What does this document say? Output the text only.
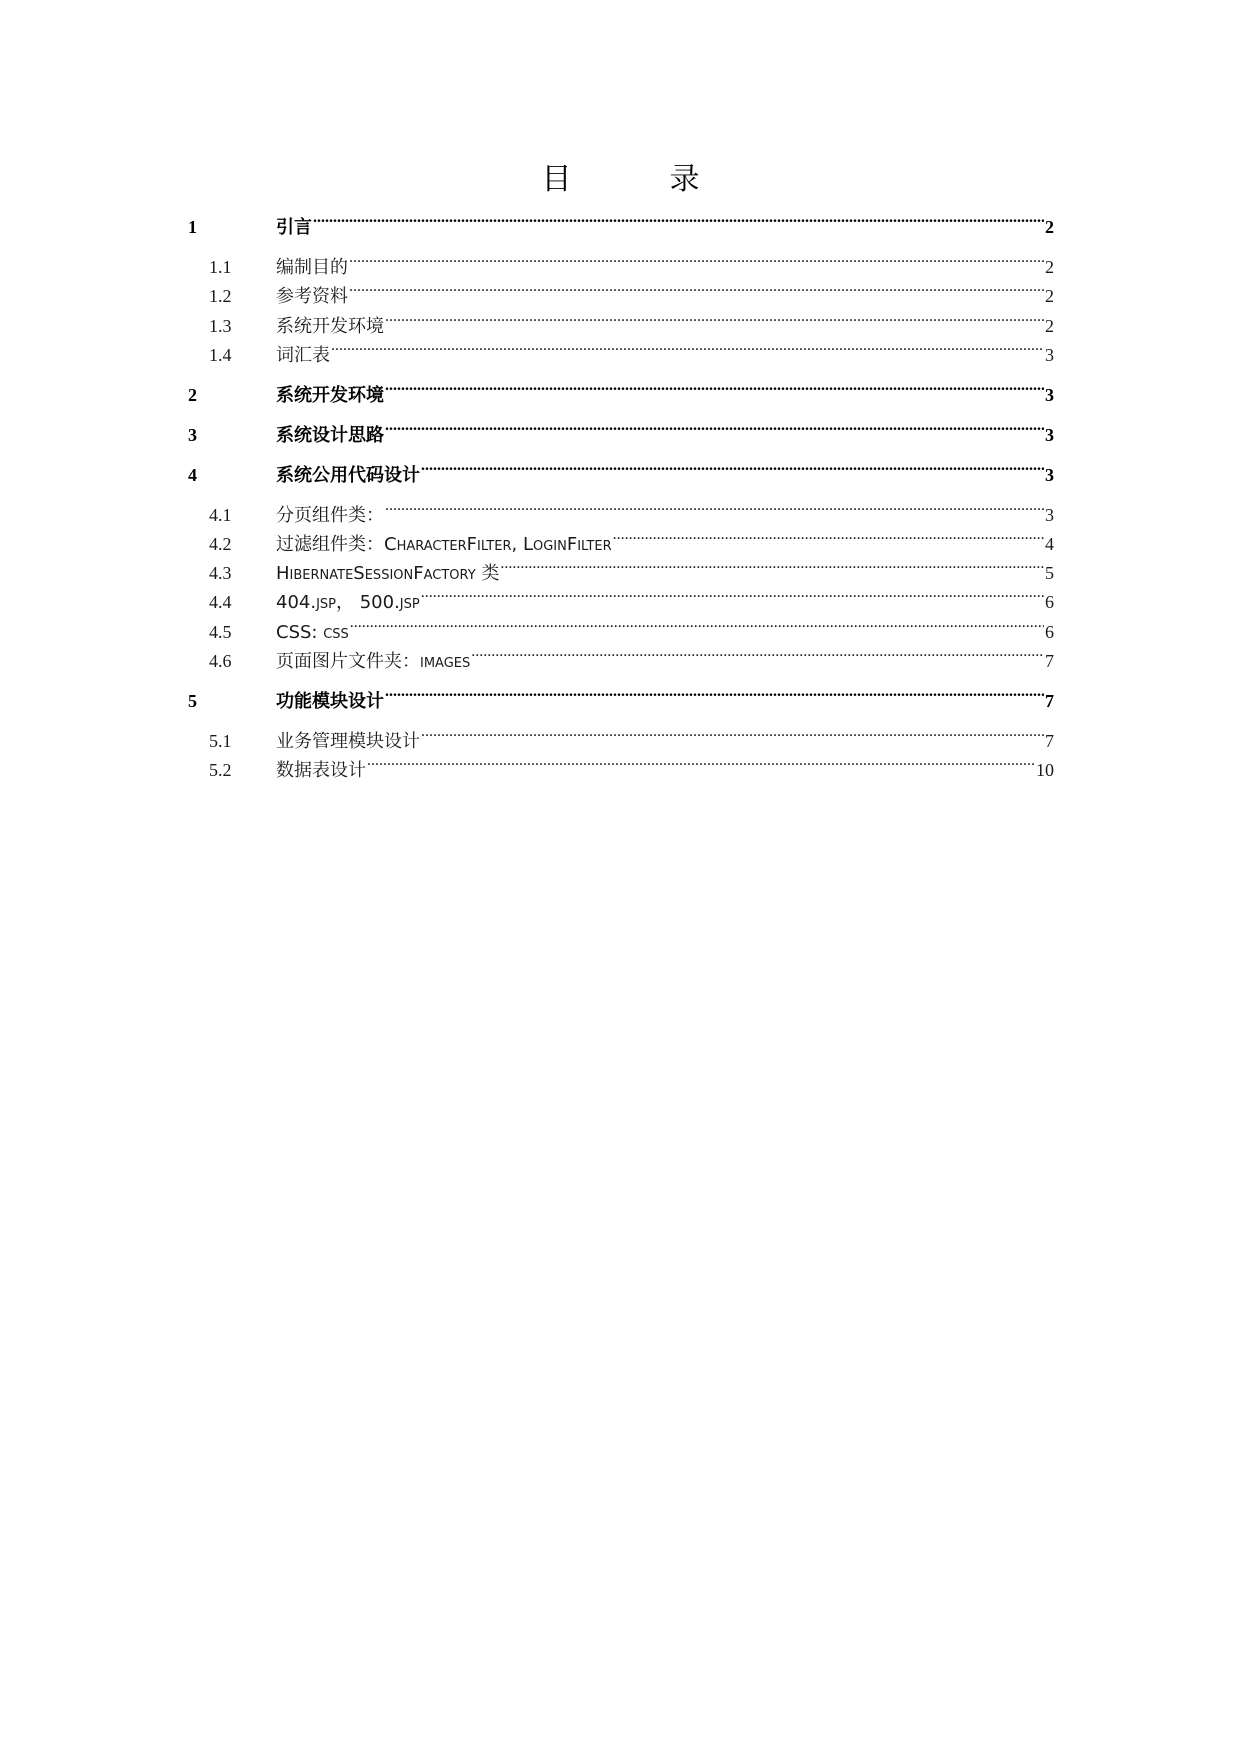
目　录
1	引言 .....	2
1.1	编制目的 .....	2
1.2	参考资料 .....	2
1.3	系统开发环境 .....	2
1.4	词汇表 .....	3
2	系统开发环境 .....	3
3	系统设计思路 .....	3
4	系统公用代码设计 .....	3
4.1	分页组件类： .....	3
4.2	过滤组件类：CharacterFilter, LoginFilter .....	4
4.3	HibernateSessionFactory 类 .....	5
4.4	404.jsp， 500.jsp .....	6
4.5	CSS: css .....	6
4.6	页面图片文件夹：images .....	7
5	功能模块设计 .....	7
5.1	业务管理模块设计 .....	7
5.2	数据表设计 .....	10
